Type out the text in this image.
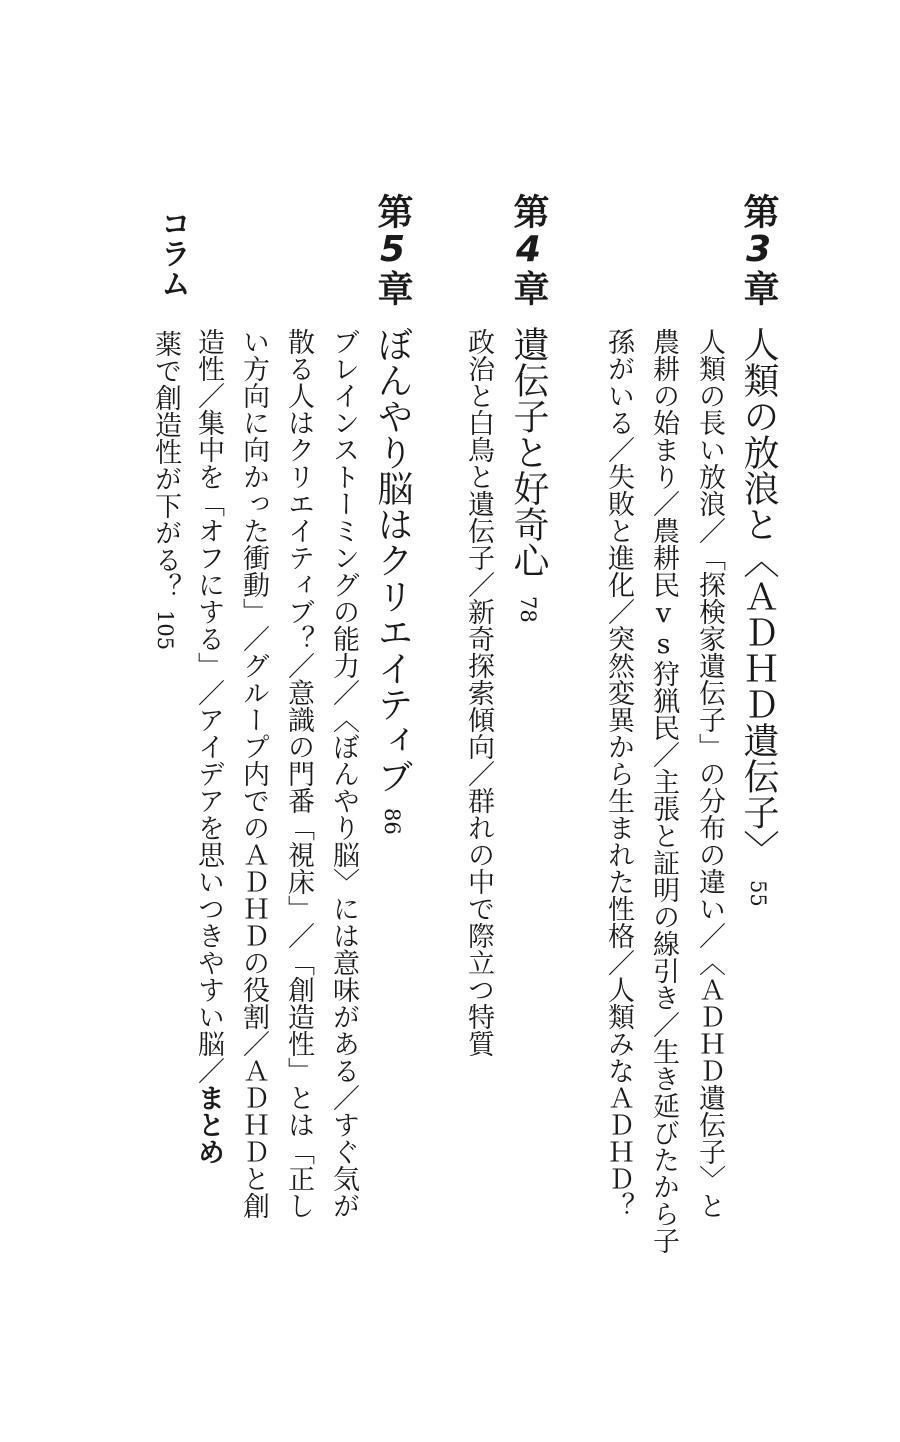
第3章
人類の放浪と〈ＡＤＨＤ遺伝子〉55
人類の長い放浪／「探検家遺伝子」の分布の違い／〈ＡＤＨＤ遺伝子〉と
農耕の始まり／農耕民vs狩猟民／主張と証明の線引き／生き延びたから子
孫がいる／失敗と進化／突然変異から生まれた性格／人類みなＡＤＨＤ？
第4章
遺伝子と好奇心78
政治と白鳥と遺伝子／新奇探索傾向／群れの中で際立つ特質
第5章
ぼんやり脳はクリエイティブ86
ブレインストーミングの能力／〈ぼんやり脳〉には意味がある／すぐ気が
散る人はクリエイティブ？／意識の門番「視床」／「創造性」とは「正し
い方向に向かった衝動」／グループ内でのＡＤＨＤの役割／ＡＤＨＤと創
造性／集中を「オフにする」／アイデアを思いつきやすい脳／まとめ
コラム
薬で創造性が下がる？105
